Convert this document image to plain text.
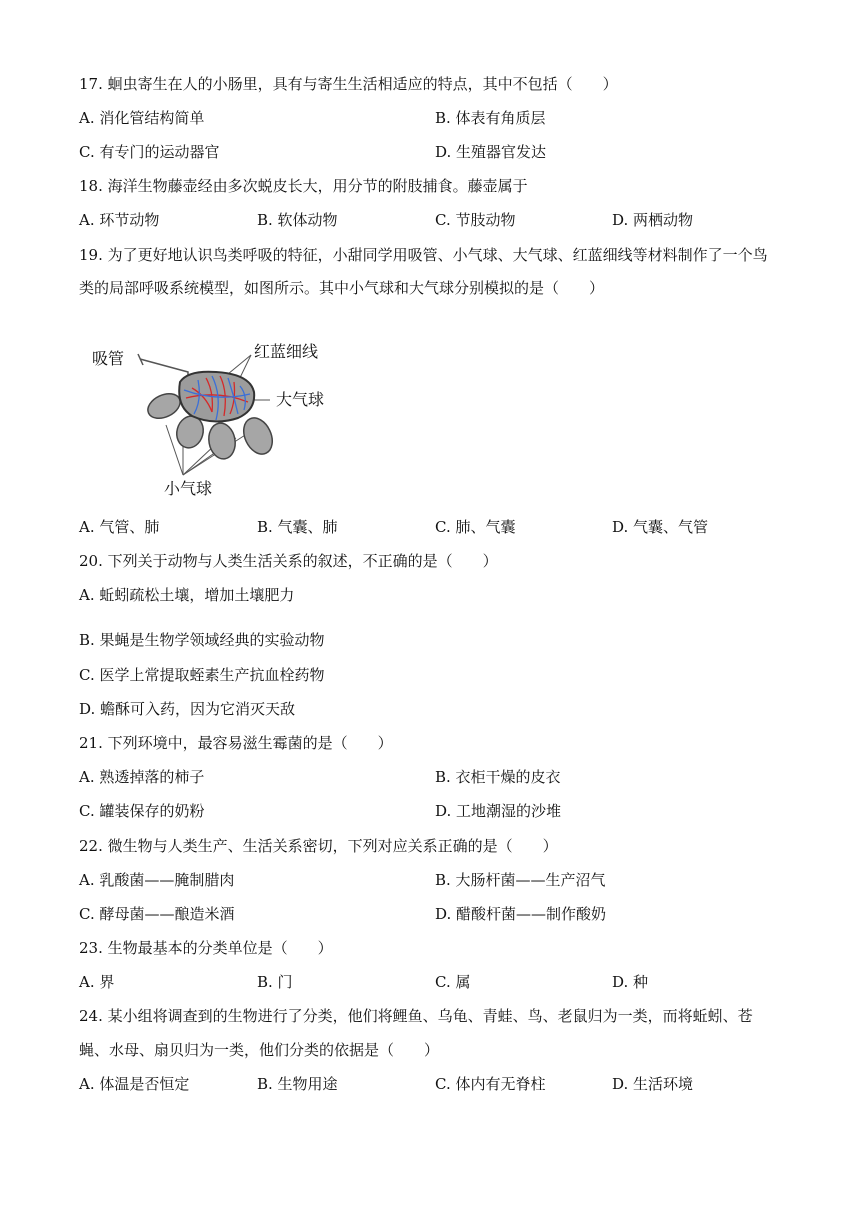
17. 蛔虫寄生在人的小肠里，具有与寄生生活相适应的特点，其中不包括（　　）
A. 消化管结构简单	B. 体表有角质层
C. 有专门的运动器官	D. 生殖器官发达
18. 海洋生物藤壶经由多次蜕皮长大，用分节的附肢捕食。藤壶属于
A. 环节动物	B. 软体动物	C. 节肢动物	D. 两栖动物
19. 为了更好地认识鸟类呼吸的特征，小甜同学用吸管、小气球、大气球、红蓝细线等材料制作了一个鸟
类的局部呼吸系统模型，如图所示。其中小气球和大气球分别模拟的是（　　）
吸管	红蓝细线
大气球
小气球
A. 气管、肺	B. 气囊、肺	C. 肺、气囊	D. 气囊、气管
20. 下列关于动物与人类生活关系的叙述，不正确的是（　　）
A. 蚯蚓疏松土壤，增加土壤肥力
B. 果蝇是生物学领域经典的实验动物
C. 医学上常提取蛭素生产抗血栓药物
D. 蟾酥可入药，因为它消灭天敌
21. 下列环境中，最容易滋生霉菌的是（　　）
A. 熟透掉落的柿子	B. 衣柜干燥的皮衣
C. 罐装保存的奶粉	D. 工地潮湿的沙堆
22. 微生物与人类生产、生活关系密切，下列对应关系正确的是（　　）
A. 乳酸菌——腌制腊肉	B. 大肠杆菌——生产沼气
C. 酵母菌——酿造米酒	D. 醋酸杆菌——制作酸奶
23. 生物最基本的分类单位是（　　）
A. 界	B. 门	C. 属	D. 种
24. 某小组将调查到的生物进行了分类，他们将鲤鱼、乌龟、青蛙、鸟、老鼠归为一类，而将蚯蚓、苍
蝇、水母、扇贝归为一类，他们分类的依据是（　　）
A. 体温是否恒定	B. 生物用途	C. 体内有无脊柱	D. 生活环境
